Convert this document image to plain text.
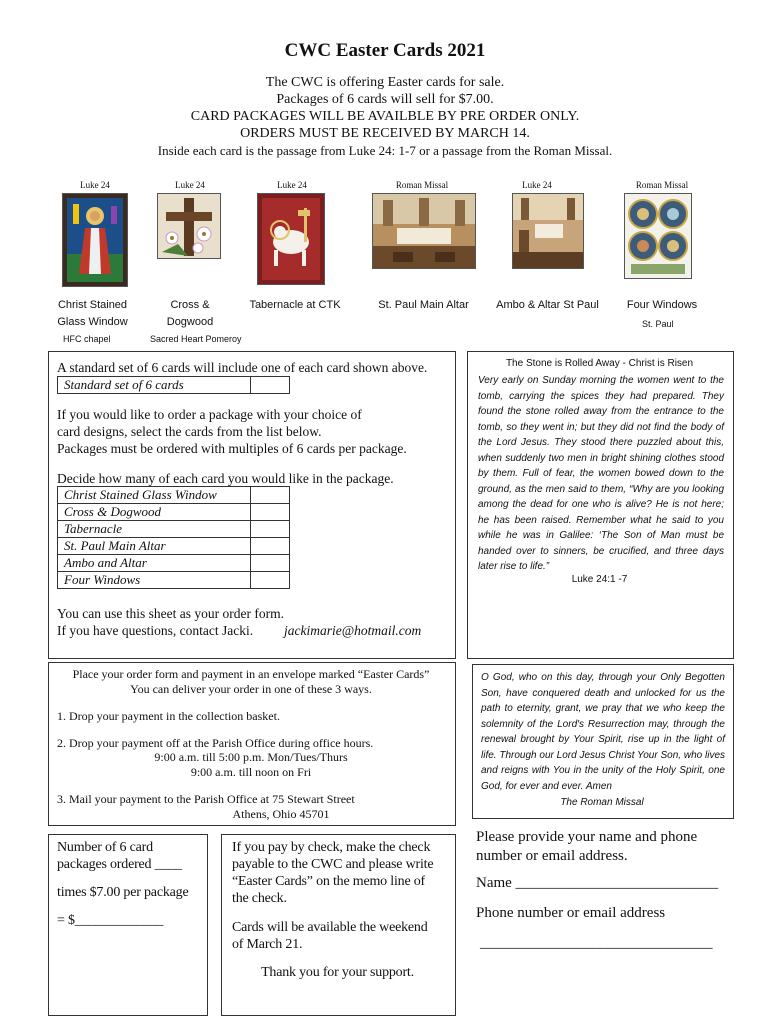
CWC Easter Cards 2021
The CWC is offering Easter cards for sale.
Packages of 6 cards will sell for $7.00.
CARD PACKAGES WILL BE AVAILBLE BY PRE ORDER ONLY.
ORDERS MUST BE RECEIVED BY MARCH 14.
Inside each card is the passage from Luke 24: 1-7 or a passage from the Roman Missal.
Luke 24	Luke 24	Luke 24	Roman Missal	Luke 24	Roman Missal
Christ Stained
Glass Window
HFC chapel
Cross &
Dogwood
Sacred Heart Pomeroy
Tabernacle at CTK	St. Paul Main Altar	Ambo & Altar St Paul	Four Windows
St. Paul
A standard set of 6 cards will include one of each card shown above.
Standard set of 6 cards	
If you would like to order a package with your choice of
card designs, select the cards from the list below.
Packages must be ordered with multiples of 6 cards per package.
Decide how many of each card you would like in the package.
Christ Stained Glass Window	
Cross & Dogwood	
Tabernacle	
St. Paul Main Altar	
Ambo and Altar	
Four Windows	
You can use this sheet as your order form.
If you have questions, contact Jacki. jackimarie@hotmail.com
The Stone is Rolled Away - Christ is Risen
Very early on Sunday morning the women went to the tomb, carrying the spices they had prepared. They found the stone rolled away from the entrance to the tomb, so they went in; but they did not find the body of the Lord Jesus. They stood there puzzled about this, when suddenly two men in bright shining clothes stood by them. Full of fear, the women bowed down to the ground, as the men said to them, “Why are you looking among the dead for one who is alive? He is not here; he has been raised. Remember what he said to you while he was in Galilee: ‘The Son of Man must be handed over to sinners, be crucified, and three days later rise to life.”
Luke 24:1 -7
Place your order form and payment in an envelope marked “Easter Cards”
You can deliver your order in one of these 3 ways.
1. Drop your payment in the collection basket.
2. Drop your payment off at the Parish Office during office hours.
9:00 a.m. till 5:00 p.m. Mon/Tues/Thurs
9:00 a.m. till noon on Fri
3. Mail your payment to the Parish Office at 75 Stewart Street
Athens, Ohio 45701
O God, who on this day, through your Only Begotten Son, have conquered death and unlocked for us the path to eternity, grant, we pray that we who keep the solemnity of the Lord's Resurrection may, through the renewal brought by Your Spirit, rise up in the light of life. Through our Lord Jesus Christ Your Son, who lives and reigns with You in the unity of the Holy Spirit, one God, for ever and ever. Amen
The Roman Missal
Number of 6 card
packages ordered ____
times $7.00 per package
= $_____________
If you pay by check, make the check
payable to the CWC and please write
“Easter Cards” on the memo line of
the check.
Cards will be available the weekend
of March 21.
Thank you for your support.
Please provide your name and phone
number or email address.
Name ___________________________
Phone number or email address
_______________________________
